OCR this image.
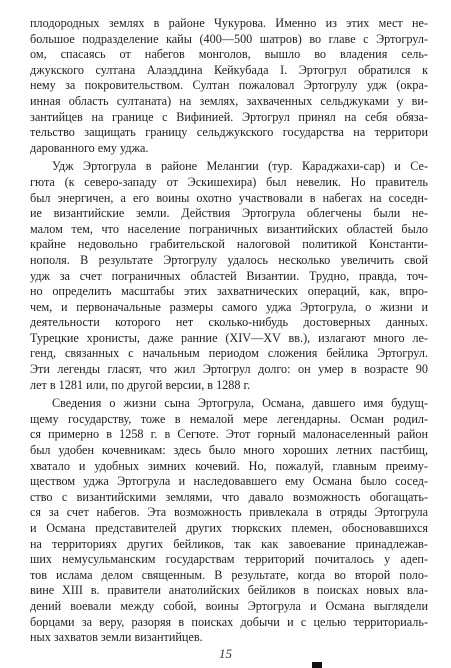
плодородных землях в районе Чукурова. Именно из этих мест не-
большое подразделение кайы (400—500 шатров) во главе с Эртогрул-
ом, спасаясь от набегов монголов, вышло во владения сель-
джукского султана Алаэддина Кейкубада I. Эртогрул обратился к
нему за покровительством. Султан пожаловал Эртогрулу удж (окра-
инная область султаната) на землях, захваченных сельджуками у ви-
зантийцев на границе с Вифинией. Эртогрул принял на себя обяза-
тельство защищать границу сельджукского государства на территори
дарованного ему уджа.
Удж Эртогрула в районе Мелангии (тур. Караджахи-сар) и Се-
гюта (к северо-западу от Эскишехира) был невелик. Но правитель
был энергичен, а его воины охотно участвовали в набегах на соседн-
ие византийские земли. Действия Эртогрула облегчены были не-
малом тем, что население пограничных византийских областей было
крайне недовольно грабительской налоговой политикой Константи-
нополя. В результате Эртогрулу удалось несколько увеличить свой
удж за счет пограничных областей Византии. Трудно, правда, точ-
но определить масштабы этих захватнических операций, как, впро-
чем, и первоначальные размеры самого уджа Эртогрула, о жизни и
деятельности которого нет сколько-нибудь достоверных данных.
Турецкие хронисты, даже ранние (XIV—XV вв.), излагают много ле-
генд, связанных с начальным периодом сложения бейлика Эртогрул.
Эти легенды гласят, что жил Эртогрул долго: он умер в возрасте 90
лет в 1281 или, по другой версии, в 1288 г.
Сведения о жизни сына Эртогрула, Османа, давшего имя будущ-
щему государству, тоже в немалой мере легендарны. Осман родил-
ся примерно в 1258 г. в Сегюте. Этот горный малонаселенный район
был удобен кочевникам: здесь было много хороших летних пастбищ,
хватало и удобных зимних кочевий. Но, пожалуй, главным преиму-
ществом уджа Эртогрула и наследовавшего ему Османа было сосед-
ство с византийскими землями, что давало возможность обогащать-
ся за счет набегов. Эта возможность привлекала в отряды Эртогрула
и Османа представителей других тюркских племен, обосновавшихся
на территориях других бейликов, так как завоевание принадлежав-
ших немусульманским государствам территорий почиталось у адеп-
тов ислама делом священным. В результате, когда во второй поло-
вине XIII в. правители анатолийских бейликов в поисках новых вла-
дений воевали между собой, воины Эртогрула и Османа выглядели
борцами за веру, разоряя в поисках добычи и с целью территориаль-
ных захватов земли византийцев.
15
